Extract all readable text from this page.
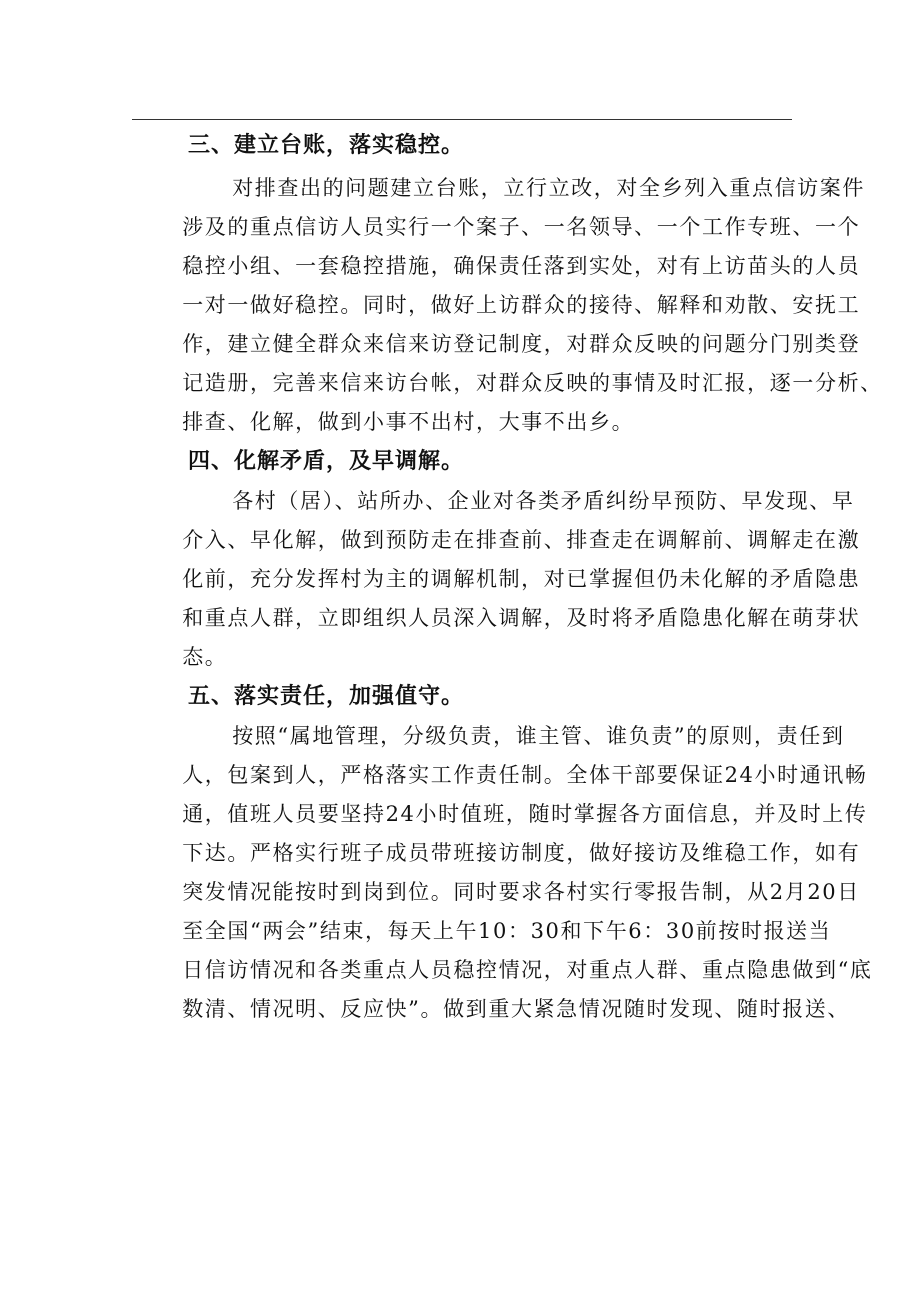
三、建立台账，落实稳控。
对排查出的问题建立台账，立行立改，对全乡列入重点信访案件
涉及的重点信访人员实行一个案子、一名领导、一个工作专班、一个
稳控小组、一套稳控措施，确保责任落到实处，对有上访苗头的人员
一对一做好稳控。同时，做好上访群众的接待、解释和劝散、安抚工
作，建立健全群众来信来访登记制度，对群众反映的问题分门别类登
记造册，完善来信来访台帐，对群众反映的事情及时汇报，逐一分析、
排查、化解，做到小事不出村，大事不出乡。
四、化解矛盾，及早调解。
各村（居）、站所办、企业对各类矛盾纠纷早预防、早发现、早
介入、早化解，做到预防走在排查前、排查走在调解前、调解走在激
化前，充分发挥村为主的调解机制，对已掌握但仍未化解的矛盾隐患
和重点人群，立即组织人员深入调解，及时将矛盾隐患化解在萌芽状
态。
五、落实责任，加强值守。
按照“属地管理，分级负责，谁主管、谁负责”的原则，责任到
人，包案到人，严格落实工作责任制。全体干部要保证24小时通讯畅
通，值班人员要坚持24小时值班，随时掌握各方面信息，并及时上传
下达。严格实行班子成员带班接访制度，做好接访及维稳工作，如有
突发情况能按时到岗到位。同时要求各村实行零报告制，从2月20日
至全国“两会”结束，每天上午10：30和下午6：30前按时报送当
日信访情况和各类重点人员稳控情况，对重点人群、重点隐患做到“底
数清、情况明、反应快”。做到重大紧急情况随时发现、随时报送、
